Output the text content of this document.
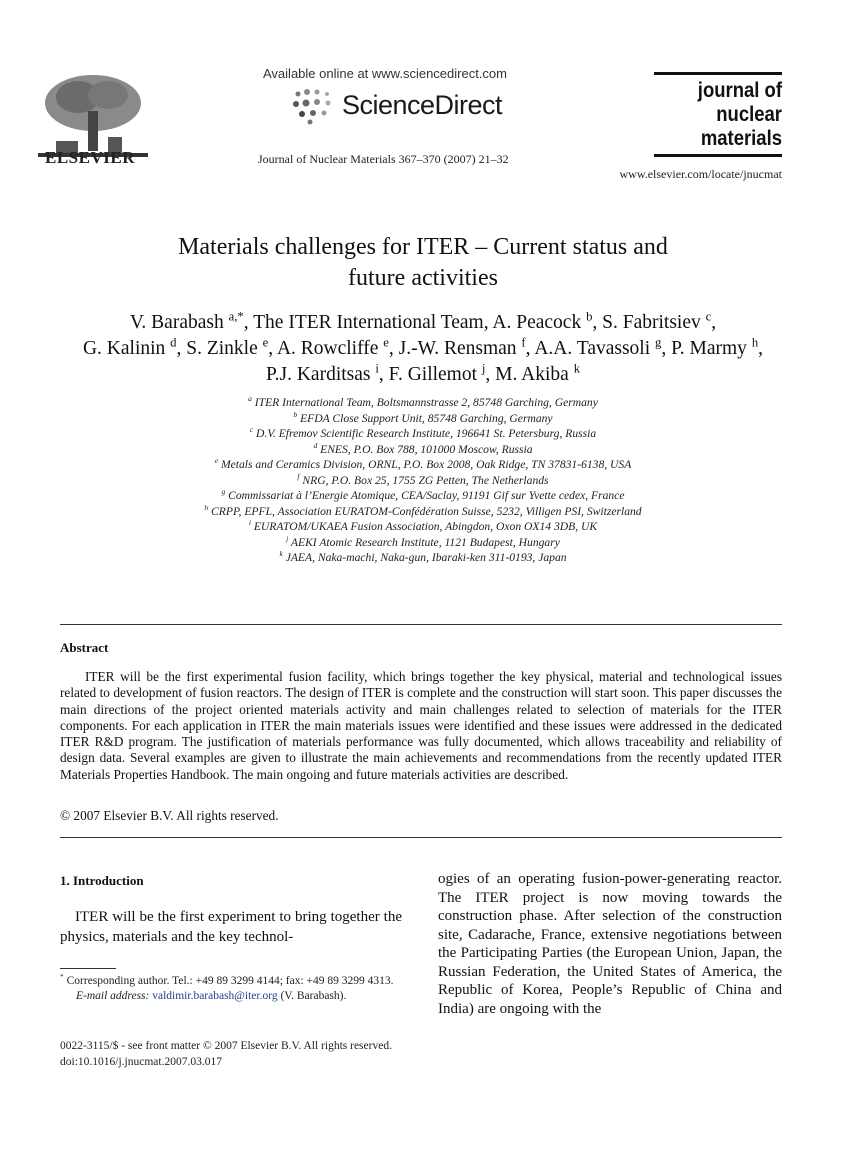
ELSEVIER
Available online at www.sciencedirect.com
ScienceDirect
Journal of Nuclear Materials 367–370 (2007) 21–32
journal of
nuclear
materials
www.elsevier.com/locate/jnucmat
Materials challenges for ITER – Current status and
future activities
V. Barabash $^{a,*}$, The ITER International Team, A. Peacock $^b$, S. Fabritsiev $^c$,
G. Kalinin $^d$, S. Zinkle $^e$, A. Rowcliffe $^e$, J.-W. Rensman $^f$, A.A. Tavassoli $^g$, P. Marmy $^h$,
P.J. Karditsas $^i$, F. Gillemot $^j$, M. Akiba $^k$
$^a$ ITER International Team, Boltsmannstrasse 2, 85748 Garching, Germany
$^b$ EFDA Close Support Unit, 85748 Garching, Germany
$^c$ D.V. Efremov Scientific Research Institute, 196641 St. Petersburg, Russia
$^d$ ENES, P.O. Box 788, 101000 Moscow, Russia
$^e$ Metals and Ceramics Division, ORNL, P.O. Box 2008, Oak Ridge, TN 37831-6138, USA
$^f$ NRG, P.O. Box 25, 1755 ZG Petten, The Netherlands
$^g$ Commissariat à l’Energie Atomique, CEA/Saclay, 91191 Gif sur Yvette cedex, France
$^h$ CRPP, EPFL, Association EURATOM-Confédération Suisse, 5232, Villigen PSI, Switzerland
$^i$ EURATOM/UKAEA Fusion Association, Abingdon, Oxon OX14 3DB, UK
$^j$ AEKI Atomic Research Institute, 1121 Budapest, Hungary
$^k$ JAEA, Naka-machi, Naka-gun, Ibaraki-ken 311-0193, Japan
Abstract
ITER will be the first experimental fusion facility, which brings together the key physical, material and technological issues related to development of fusion reactors. The design of ITER is complete and the construction will start soon. This paper discusses the main directions of the project oriented materials activity and main challenges related to selection of materials for the ITER components. For each application in ITER the main materials issues were identified and these issues were addressed in the dedicated ITER R&D program. The justification of materials performance was fully documented, which allows traceability and reliability of design data. Several examples are given to illustrate the main achievements and recommendations from the recently updated ITER Materials Properties Handbook. The main ongoing and future materials activities are described.
© 2007 Elsevier B.V. All rights reserved.
1. Introduction
ITER will be the first experiment to bring together the physics, materials and the key technol-
ogies of an operating fusion-power-generating reactor. The ITER project is now moving towards the construction phase. After selection of the construction site, Cadarache, France, extensive negotiations between the Participating Parties (the European Union, Japan, the Russian Federation, the United States of America, the Republic of Korea, People’s Republic of China and India) are ongoing with the
* Corresponding author. Tel.: +49 89 3299 4144; fax: +49 89 3299 4313.
E-mail address: valdimir.barabash@iter.org (V. Barabash).
0022-3115/$ - see front matter © 2007 Elsevier B.V. All rights reserved.
doi:10.1016/j.jnucmat.2007.03.017
